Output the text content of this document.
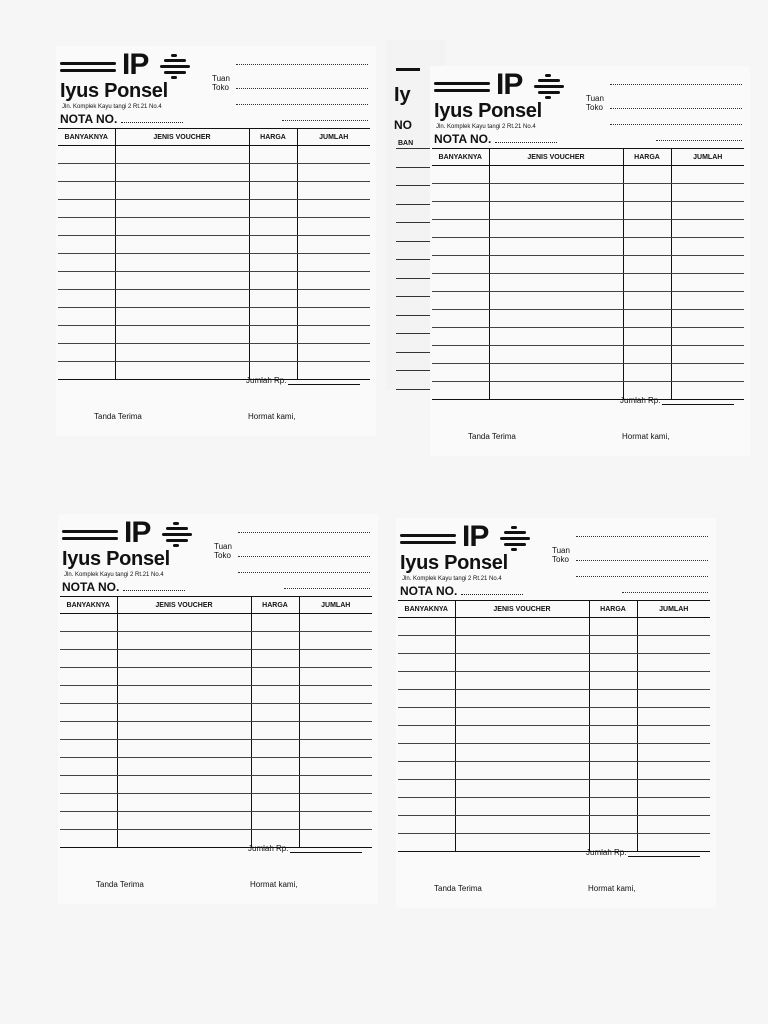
Iy
NO
BAN
IP
Iyus Ponsel
Jln. Komplek Kayu tangi 2 Rt.21 No.4
NOTA NO.
Tuan
Toko
BANYAKNYA	JENIS VOUCHER	HARGA	JUMLAH

Jumlah Rp.
Tanda Terima	Hormat kami,
IP
Iyus Ponsel
Jln. Komplek Kayu tangi 2 Rt.21 No.4
NOTA NO.
Tuan
Toko
BANYAKNYA	JENIS VOUCHER	HARGA	JUMLAH

Jumlah Rp.
Tanda Terima	Hormat kami,
IP
Iyus Ponsel
Jln. Komplek Kayu tangi 2 Rt.21 No.4
NOTA NO.
Tuan
Toko
BANYAKNYA	JENIS VOUCHER	HARGA	JUMLAH

Jumlah Rp.
Tanda Terima	Hormat kami,
IP
Iyus Ponsel
Jln. Komplek Kayu tangi 2 Rt.21 No.4
NOTA NO.
Tuan
Toko
BANYAKNYA	JENIS VOUCHER	HARGA	JUMLAH

Jumlah Rp.
Tanda Terima	Hormat kami,
